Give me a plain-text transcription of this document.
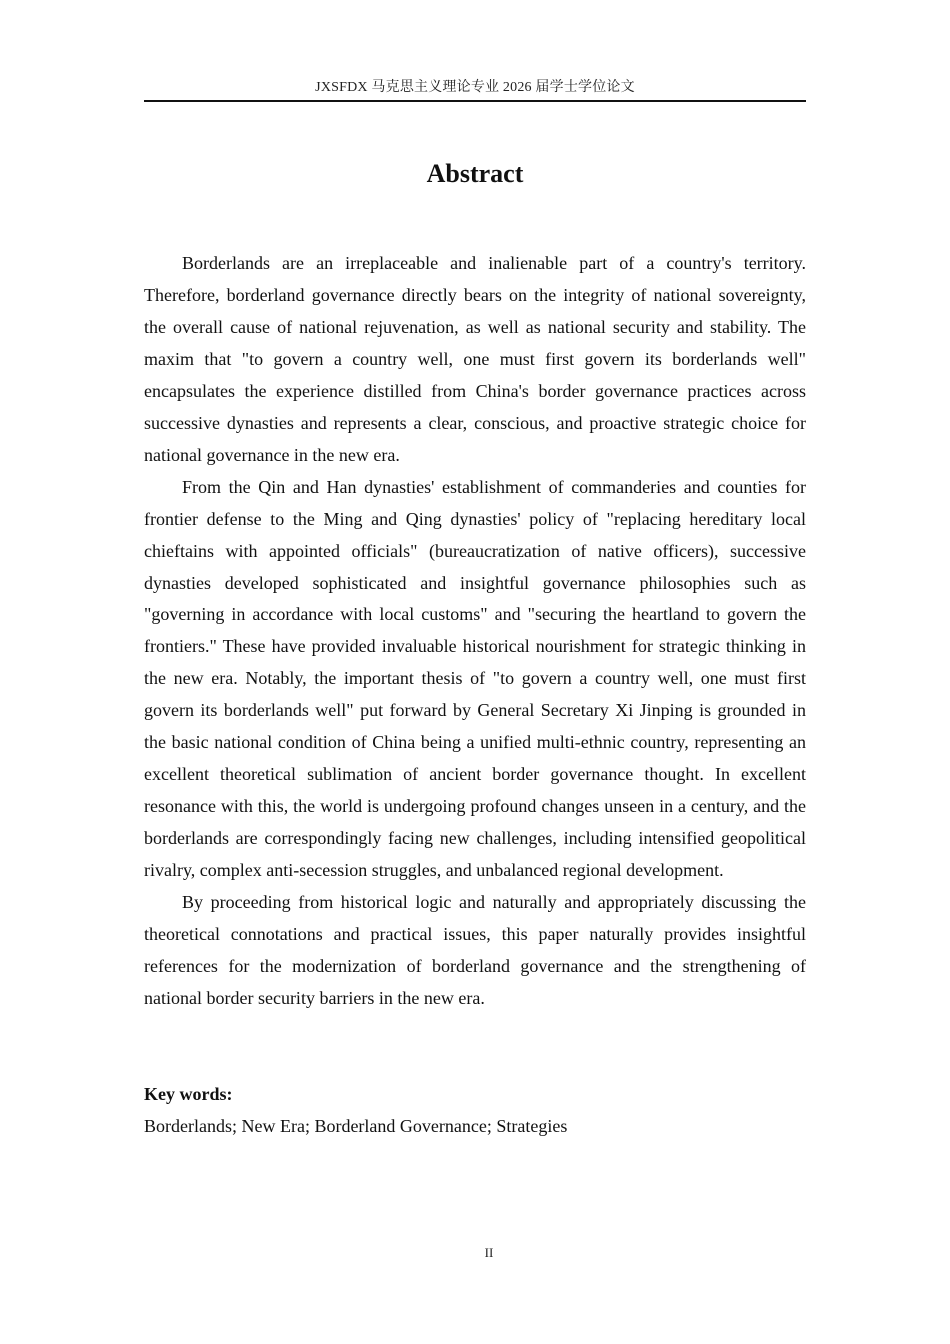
JXSFDX 马克思主义理论专业 2026 届学士学位论文
Abstract

Borderlands are an irreplaceable and inalienable part of a country's territory. Therefore, borderland governance directly bears on the integrity of national sovereignty, the overall cause of national rejuvenation, as well as national security and stability. The maxim that "to govern a country well, one must first govern its borderlands well" encapsulates the experience distilled from China's border governance practices across successive dynasties and represents a clear, conscious, and proactive strategic choice for national governance in the new era.

From the Qin and Han dynasties' establishment of commanderies and counties for frontier defense to the Ming and Qing dynasties' policy of "replacing hereditary local chieftains with appointed officials" (bureaucratization of native officers), successive dynasties developed sophisticated and insightful governance philosophies such as "governing in accordance with local customs" and "securing the heartland to govern the frontiers." These have provided invaluable historical nourishment for strategic thinking in the new era. Notably, the important thesis of "to govern a country well, one must first govern its borderlands well" put forward by General Secretary Xi Jinping is grounded in the basic national condition of China being a unified multi-ethnic country, representing an excellent theoretical sublimation of ancient border governance thought. In excellent resonance with this, the world is undergoing profound changes unseen in a century, and the borderlands are correspondingly facing new challenges, including intensified geopolitical rivalry, complex anti-secession struggles, and unbalanced regional development.

By proceeding from historical logic and naturally and appropriately discussing the theoretical connotations and practical issues, this paper naturally provides insightful references for the modernization of borderland governance and the strengthening of national border security barriers in the new era.

Key words:

Borderlands; New Era; Borderland Governance; Strategies

II
